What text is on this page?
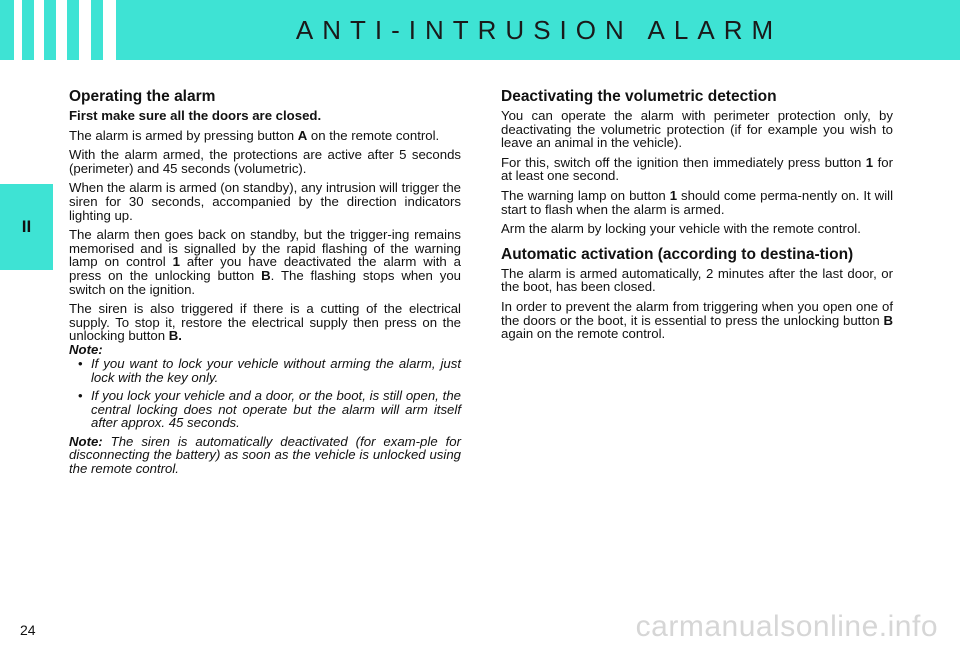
ANTI-INTRUSION ALARM
II
Operating the alarm

First make sure all the doors are closed.

The alarm is armed by pressing button A on the remote control.

With the alarm armed, the protections are active after 5 seconds (perimeter) and 45 seconds (volumetric).

When the alarm is armed (on standby), any intrusion will trigger the siren for 30 seconds, accompanied by the direction indicators lighting up.

The alarm then goes back on standby, but the trigger-ing remains memorised and is signalled by the rapid flashing of the warning lamp on control 1 after you have deactivated the alarm with a press on the unlocking button B. The flashing stops when you switch on the ignition.

The siren is also triggered if there is a cutting of the electrical supply. To stop it, restore the electrical supply then press on the unlocking button B.

Note:
• If you want to lock your vehicle without arming the alarm, just lock with the key only.
• If you lock your vehicle and a door, or the boot, is still open, the central locking does not operate but the alarm will arm itself after approx. 45 seconds.

Note: The siren is automatically deactivated (for exam-ple for disconnecting the battery) as soon as the vehicle is unlocked using the remote control.

Deactivating the volumetric detection

You can operate the alarm with perimeter protection only, by deactivating the volumetric protection (if for example you wish to leave an animal in the vehicle).

For this, switch off the ignition then immediately press button 1 for at least one second.

The warning lamp on button 1 should come perma-nently on. It will start to flash when the alarm is armed.

Arm the alarm by locking your vehicle with the remote control.

Automatic activation (according to destina-tion)

The alarm is armed automatically, 2 minutes after the last door, or the boot, has been closed.

In order to prevent the alarm from triggering when you open one of the doors or the boot, it is essential to press the unlocking button B again on the remote control.

24	carmanualsonline.info
